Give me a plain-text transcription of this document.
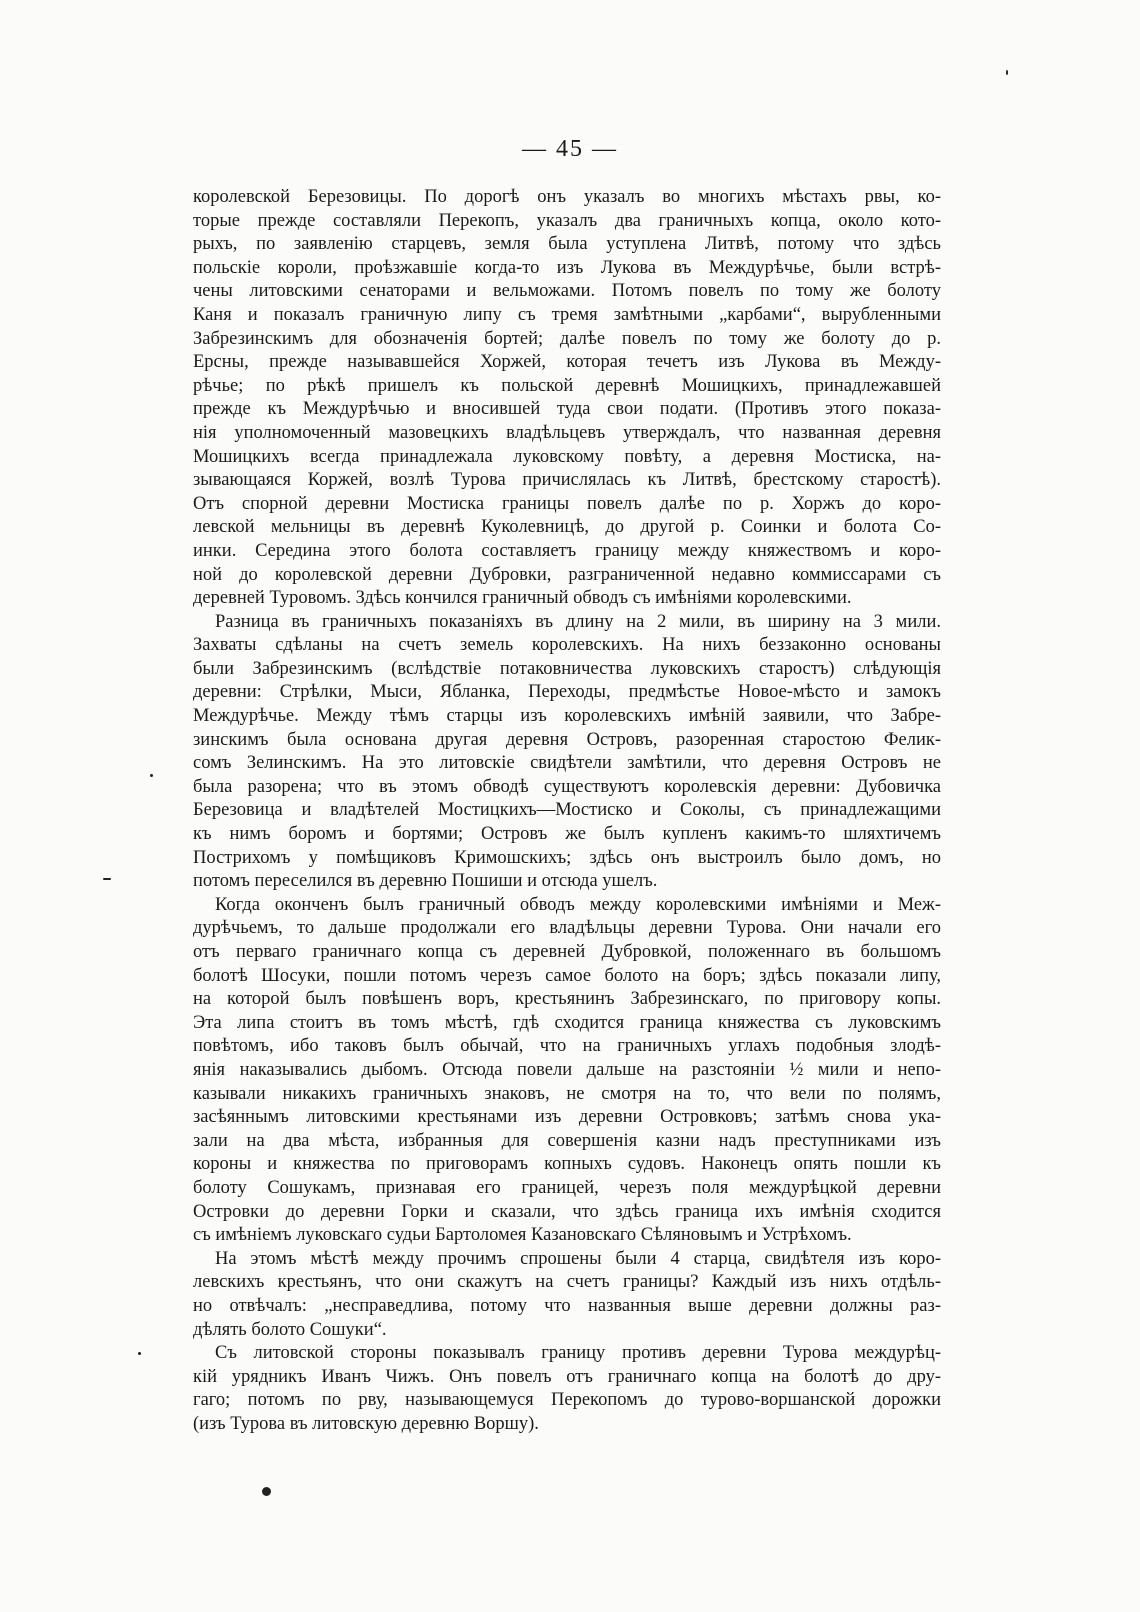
— 45 —
королевской Березовицы. По дорогѣ онъ указалъ во многихъ мѣстахъ рвы, ко-
торые прежде составляли Перекопъ, указалъ два граничныхъ копца, около кото-
рыхъ, по заявленію старцевъ, земля была уступлена Литвѣ, потому что здѣсь
польскіе короли, проѣзжавшіе когда-то изъ Лукова въ Междурѣчье, были встрѣ-
чены литовскими сенаторами и вельможами. Потомъ повелъ по тому же болоту
Каня и показалъ граничную липу съ тремя замѣтными „карбами“, вырубленными
Забрезинскимъ для обозначенія бортей; далѣе повелъ по тому же болоту до р.
Ерсны, прежде называвшейся Хоржей, которая течетъ изъ Лукова въ Междy-
рѣчье; по рѣкѣ пришелъ къ польской деревнѣ Мошицкихъ, принадлежавшей
прежде къ Междурѣчью и вносившей туда свои подати. (Противъ этого показа-
нія уполномоченный мазовецкихъ владѣльцевъ утверждалъ, что названная деревня
Мошицкихъ всегда принадлежала луковскому повѣту, а деревня Мостиска, на-
зывающаяся Коржей, возлѣ Турова причислялась къ Литвѣ, брестскому старостѣ).
Отъ спорной деревни Мостиска границы повелъ далѣе по р. Хоржъ до коро-
левской мельницы въ деревнѣ Куколевницѣ, до другой р. Соинки и болота Со-
инки. Середина этого болота составляетъ границу между княжествомъ и коро-
ной до королевской деревни Дубровки, разграниченной недавно коммиссарами съ
деревней Туровомъ. Здѣсь кончился граничный обводъ съ имѣніями королевскими.
Разница въ граничныхъ показаніяхъ въ длину на 2 мили, въ ширину на 3 мили.
Захваты сдѣланы на счетъ земель королевскихъ. На нихъ беззаконно основаны
были Забрезинскимъ (вслѣдствіе потаковничества луковскихъ старостъ) слѣдующія
деревни: Стрѣлки, Мыси, Ябланка, Переходы, предмѣстье Новое-мѣсто и замокъ
Междурѣчье. Между тѣмъ старцы изъ королевскихъ имѣній заявили, что Забре-
зинскимъ была основана другая деревня Островъ, разоренная старостою Фелик-
сомъ Зелинскимъ. На это литовскіе свидѣтели замѣтили, что деревня Островъ не
была разорена; что въ этомъ обводѣ существуютъ королевскія деревни: Дубовичка
Березовица и владѣтелей Мостицкихъ—Мостиско и Соколы, съ принадлежащими
къ нимъ боромъ и бортями; Островъ же былъ купленъ какимъ-то шляхтичемъ
Пострихомъ у помѣщиковъ Кримошскихъ; здѣсь онъ выстроилъ было домъ, но
потомъ переселился въ деревню Пошиши и отсюда ушелъ.
Когда оконченъ былъ граничный обводъ между королевскими имѣніями и Меж-
дурѣчьемъ, то дальше продолжали его владѣльцы деревни Турова. Они начали его
отъ перваго граничнаго копца съ деревней Дубровкой, положеннаго въ большомъ
болотѣ Шосуки, пошли потомъ черезъ самое болото на боръ; здѣсь показали липу,
на которой былъ повѣшенъ воръ, крестьянинъ Забрезинскаго, по приговору копы.
Эта липа стоитъ въ томъ мѣстѣ, гдѣ сходится граница княжества съ луковскимъ
повѣтомъ, ибо таковъ былъ обычай, что на граничныхъ углахъ подобныя злодѣ-
янія наказывались дыбомъ. Отсюда повели дальше на разстояніи ½ мили и непо-
казывали никакихъ граничныхъ знаковъ, не смотря на то, что вели по полямъ,
засѣяннымъ литовскими крестьянами изъ деревни Островковъ; затѣмъ снова ука-
зали на два мѣста, избранныя для совершенія казни надъ преступниками изъ
короны и княжества по приговорамъ копныхъ судовъ. Наконецъ опять пошли къ
болоту Сошукамъ, признавая его границей, черезъ поля междурѣцкой деревни
Островки до деревни Горки и сказали, что здѣсь граница ихъ имѣнія сходится
съ имѣніемъ луковскаго судьи Бартоломея Казановскаго Сѣляновымъ и Устрѣхомъ.
На этомъ мѣстѣ между прочимъ спрошены были 4 старца, свидѣтеля изъ коро-
левскихъ крестьянъ, что они скажутъ на счетъ границы? Каждый изъ нихъ отдѣль-
но отвѣчалъ: „несправедлива, потому что названныя выше деревни должны раз-
дѣлять болото Сошуки“.
Съ литовской стороны показывалъ границу противъ деревни Турова междурѣц-
кій урядникъ Иванъ Чижъ. Онъ повелъ отъ граничнаго копца на болотѣ до дру-
гаго; потомъ по рву, называющемуся Перекопомъ до турово-воршанской дорожки
(изъ Турова въ литовскую деревню Воршу).
